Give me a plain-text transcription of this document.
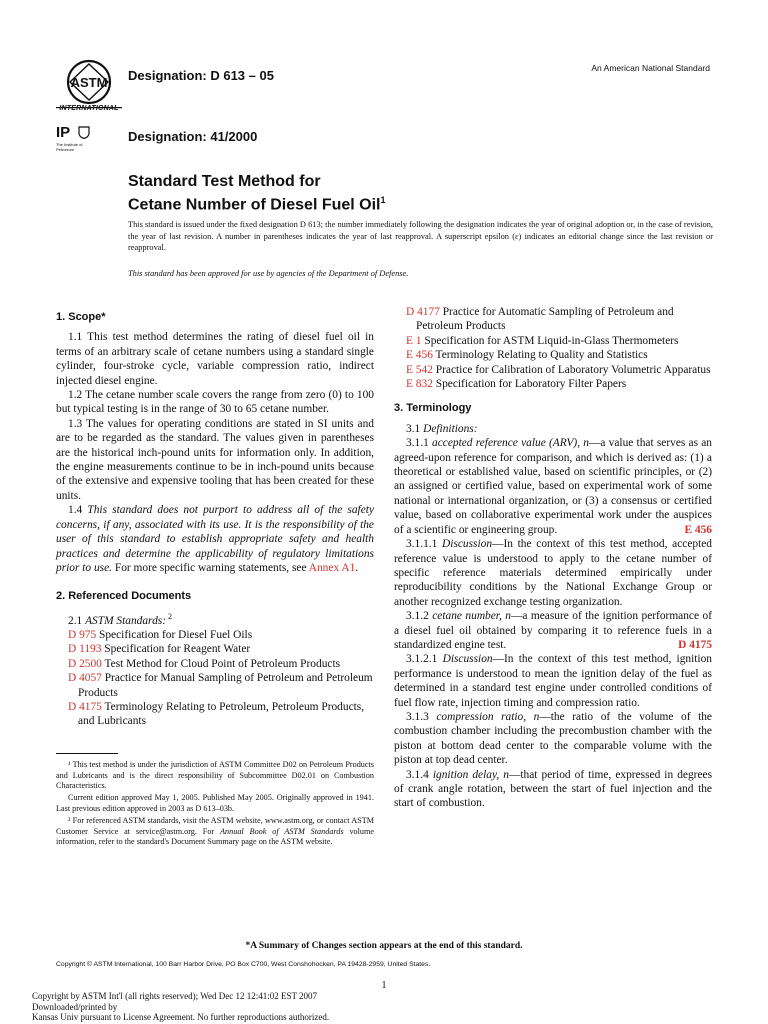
ASTM
INTERNATIONAL
IP
The Institute of Petroleum
Designation: D 613 – 05
Designation: 41/2000
An American National Standard
Standard Test Method for
Cetane Number of Diesel Fuel Oil$^1$
This standard is issued under the fixed designation D 613; the number immediately following the designation indicates the year of original adoption or, in the case of revision, the year of last revision. A number in parentheses indicates the year of last reapproval. A superscript epsilon (ε) indicates an editorial change since the last revision or reapproval.
This standard has been approved for use by agencies of the Department of Defense.

1. Scope*

1.1 This test method determines the rating of diesel fuel oil in terms of an arbitrary scale of cetane numbers using a standard single cylinder, four-stroke cycle, variable compression ratio, indirect injected diesel engine.

1.2 The cetane number scale covers the range from zero (0) to 100 but typical testing is in the range of 30 to 65 cetane number.

1.3 The values for operating conditions are stated in SI units and are to be regarded as the standard. The values given in parentheses are the historical inch-pound units for information only. In addition, the engine measurements continue to be in inch-pound units because of the extensive and expensive tooling that has been created for these units.

1.4 This standard does not purport to address all of the safety concerns, if any, associated with its use. It is the responsibility of the user of this standard to establish appropriate safety and health practices and determine the applicability of regulatory limitations prior to use. For more specific warning statements, see Annex A1.

2. Referenced Documents

2.1 ASTM Standards: $^2$

D 975 Specification for Diesel Fuel Oils

D 1193 Specification for Reagent Water

D 2500 Test Method for Cloud Point of Petroleum Products

D 4057 Practice for Manual Sampling of Petroleum and Petroleum Products

D 4175 Terminology Relating to Petroleum, Petroleum Products, and Lubricants

¹ This test method is under the jurisdiction of ASTM Committee D02 on Petroleum Products and Lubricants and is the direct responsibility of Subcommittee D02.01 on Combustion Characteristics.

Current edition approved May 1, 2005. Published May 2005. Originally approved in 1941. Last previous edition approved in 2003 as D 613–03b.

² For referenced ASTM standards, visit the ASTM website, www.astm.org, or contact ASTM Customer Service at service@astm.org. For Annual Book of ASTM Standards volume information, refer to the standard's Document Summary page on the ASTM website.

D 4177 Practice for Automatic Sampling of Petroleum and Petroleum Products

E 1 Specification for ASTM Liquid-in-Glass Thermometers

E 456 Terminology Relating to Quality and Statistics

E 542 Practice for Calibration of Laboratory Volumetric Apparatus

E 832 Specification for Laboratory Filter Papers

3. Terminology

3.1 Definitions:

3.1.1 accepted reference value (ARV), n—a value that serves as an agreed-upon reference for comparison, and which is derived as: (1) a theoretical or established value, based on scientific principles, or (2) an assigned or certified value, based on experimental work of some national or international organization, or (3) a consensus or certified value, based on collaborative experimental work under the auspices of a scientific or engineering group.	E 456

3.1.1.1 Discussion—In the context of this test method, accepted reference value is understood to apply to the cetane number of specific reference materials determined empirically under reproducibility conditions by the National Exchange Group or another recognized exchange testing organization.

3.1.2 cetane number, n—a measure of the ignition performance of a diesel fuel oil obtained by comparing it to reference fuels in a standardized engine test.	D 4175

3.1.2.1 Discussion—In the context of this test method, ignition performance is understood to mean the ignition delay of the fuel as determined in a standard test engine under controlled conditions of fuel flow rate, injection timing and compression ratio.

3.1.3 compression ratio, n—the ratio of the volume of the combustion chamber including the precombustion chamber with the piston at bottom dead center to the comparable volume with the piston at top dead center.

3.1.4 ignition delay, n—that period of time, expressed in degrees of crank angle rotation, between the start of fuel injection and the start of combustion.

*A Summary of Changes section appears at the end of this standard.
Copyright © ASTM International, 100 Barr Harbor Drive, PO Box C700, West Conshohocken, PA 19428-2959, United States.
1
Copyright by ASTM Int'l (all rights reserved); Wed Dec 12 12:41:02 EST 2007
Downloaded/printed by
Kansas Univ pursuant to License Agreement. No further reproductions authorized.
